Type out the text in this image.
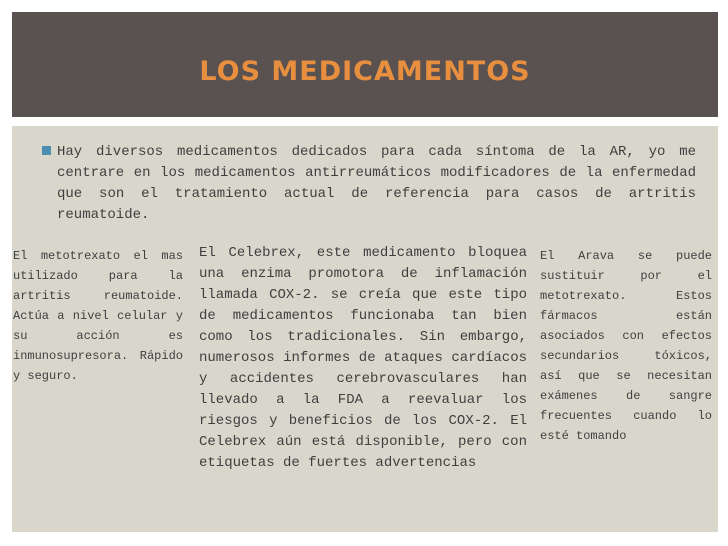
LOS MEDICAMENTOS
Hay diversos medicamentos dedicados para cada síntoma de la AR, yo me centrare en los medicamentos antirreumáticos modificadores de la enfermedad que son el tratamiento actual de referencia para casos de artritis reumatoide.
El metotrexato el mas utilizado para la artritis reumatoide. Actúa a nivel celular y su acción es inmunosupresora. Rápido y seguro.
El Celebrex, este medicamento bloquea una enzima promotora de inflamación llamada COX-2. se creía que este tipo de medicamentos funcionaba tan bien como los tradicionales. Sin embargo, numerosos informes de ataques cardíacos y accidentes cerebrovasculares han llevado a la FDA a reevaluar los riesgos y beneficios de los COX-2. El Celebrex aún está disponible, pero con etiquetas de fuertes advertencias
El Arava se puede sustituir por el metotrexato. Estos fármacos están asociados con efectos secundarios tóxicos, así que se necesitan exámenes de sangre frecuentes cuando lo esté tomando
